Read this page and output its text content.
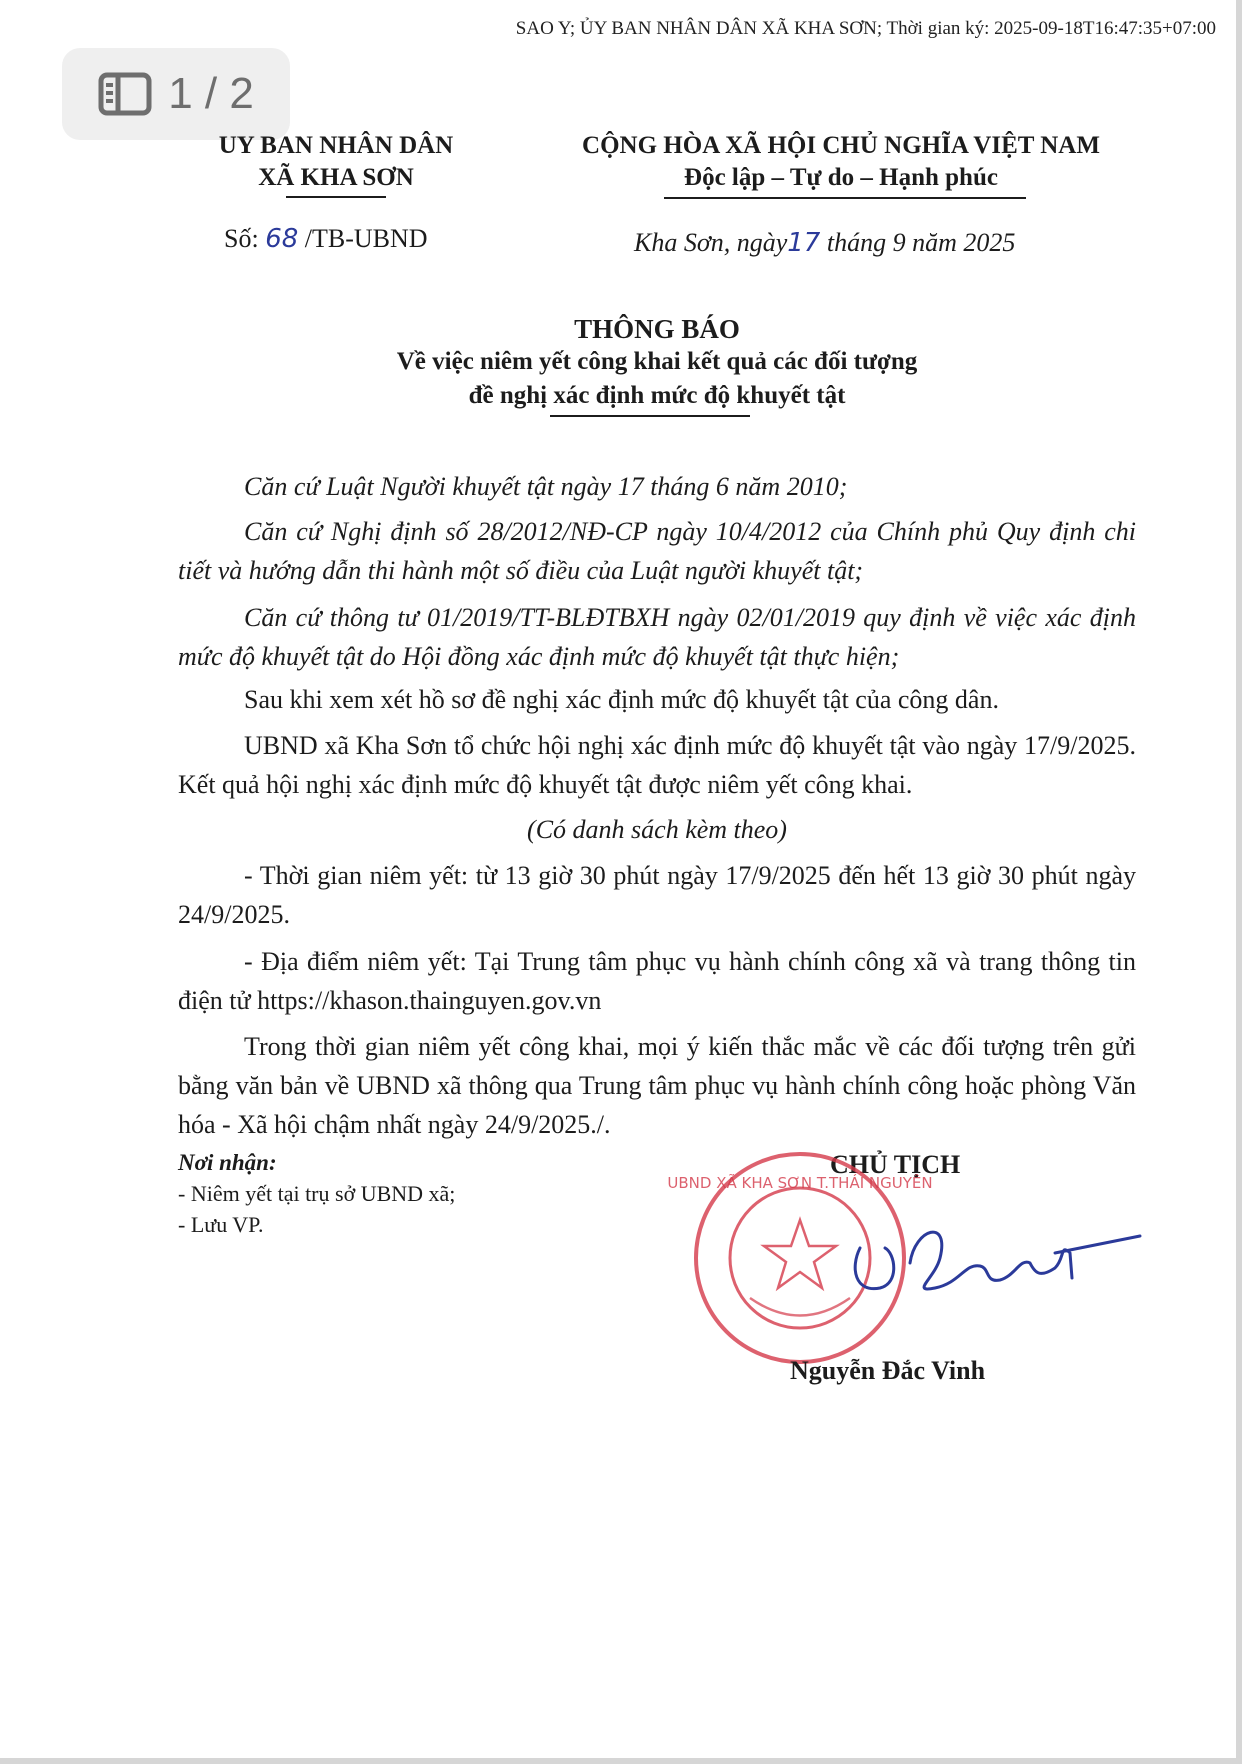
SAO Y; ỦY BAN NHÂN DÂN XÃ KHA SƠN; Thời gian ký: 2025-09-18T16:47:35+07:00
1 / 2
UY BAN NHÂN DÂN
XÃ KHA SƠN
CỘNG HÒA XÃ HỘI CHỦ NGHĨA VIỆT NAM
Độc lập – Tự do – Hạnh phúc
Số: 68 /TB-UBND	Kha Sơn, ngày17 tháng 9 năm 2025
THÔNG BÁO
Về việc niêm yết công khai kết quả các đối tượng
đề nghị xác định mức độ khuyết tật
Căn cứ Luật Người khuyết tật ngày 17 tháng 6 năm 2010;
Căn cứ Nghị định số 28/2012/NĐ-CP ngày 10/4/2012 của Chính phủ Quy định chi tiết và hướng dẫn thi hành một số điều của Luật người khuyết tật;
Căn cứ thông tư 01/2019/TT-BLĐTBXH ngày 02/01/2019 quy định về việc xác định mức độ khuyết tật do Hội đồng xác định mức độ khuyết tật thực hiện;
Sau khi xem xét hồ sơ đề nghị xác định mức độ khuyết tật của công dân.
UBND xã Kha Sơn tổ chức hội nghị xác định mức độ khuyết tật vào ngày 17/9/2025. Kết quả hội nghị xác định mức độ khuyết tật được niêm yết công khai.
(Có danh sách kèm theo)
- Thời gian niêm yết: từ 13 giờ 30 phút ngày 17/9/2025 đến hết 13 giờ 30 phút ngày 24/9/2025.
- Địa điểm niêm yết: Tại Trung tâm phục vụ hành chính công xã và trang thông tin điện tử https://khason.thainguyen.gov.vn
Trong thời gian niêm yết công khai, mọi ý kiến thắc mắc về các đối tượng trên gửi bằng văn bản về UBND xã thông qua Trung tâm phục vụ hành chính công hoặc phòng Văn hóa - Xã hội chậm nhất ngày 24/9/2025./.
Nơi nhận:
- Niêm yết tại trụ sở UBND xã;
- Lưu VP.
CHỦ TỊCH
UBND XÃ KHA SƠN T.THÁI NGUYÊN
Nguyễn Đắc Vinh
